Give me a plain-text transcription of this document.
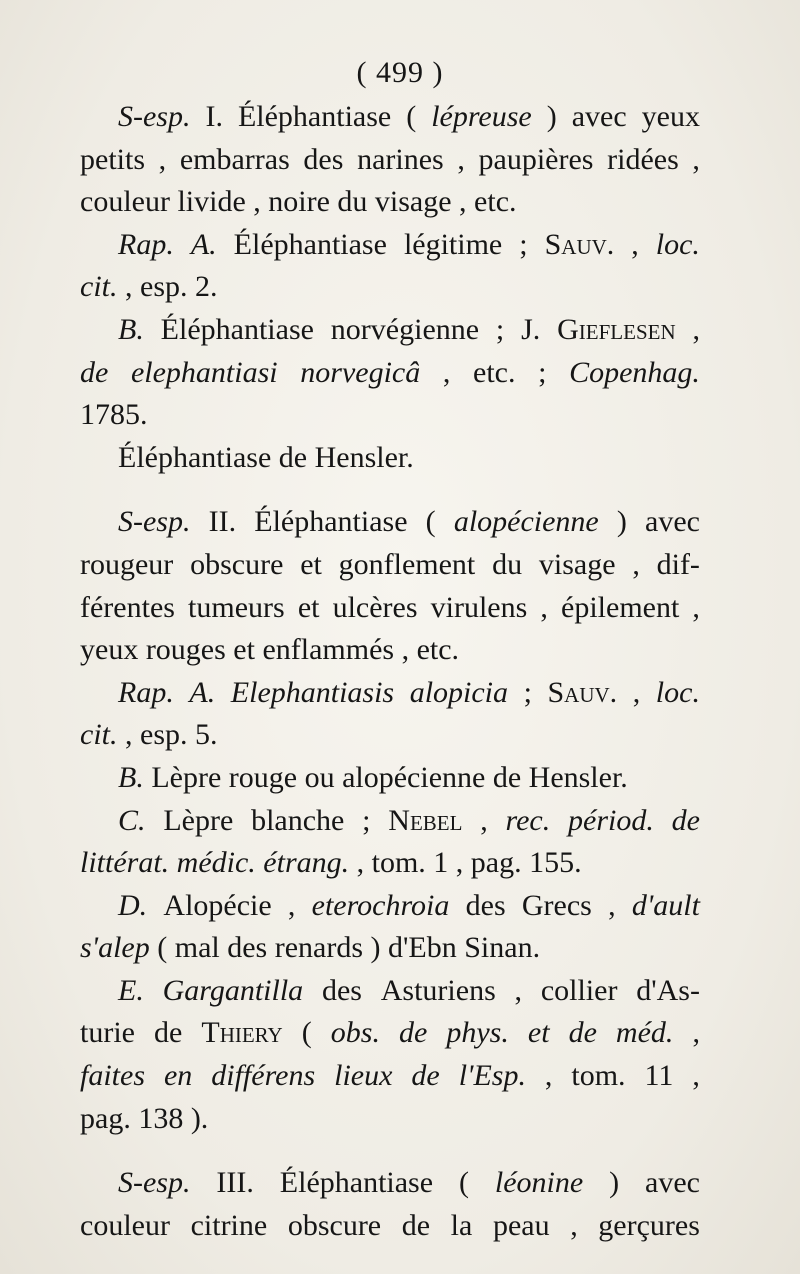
( 499 )
S-esp. I. Éléphantiase ( lépreuse ) avec yeux
petits , embarras des narines , paupières ridées ,
couleur livide , noire du visage , etc.
Rap. A. Éléphantiase légitime ; Sauv. , loc.
cit. , esp. 2.
B. Éléphantiase norvégienne ; J. Gieflesen ,
de elephantiasi norvegicâ , etc. ; Copenhag.
1785.
Éléphantiase de Hensler.
S-esp. II. Éléphantiase ( alopécienne ) avec
rougeur obscure et gonflement du visage , dif-
férentes tumeurs et ulcères virulens , épilement ,
yeux rouges et enflammés , etc.
Rap. A. Elephantiasis alopicia ; Sauv. , loc.
cit. , esp. 5.
B. Lèpre rouge ou alopécienne de Hensler.
C. Lèpre blanche ; Nebel , rec. périod. de
littérat. médic. étrang. , tom. 1 , pag. 155.
D. Alopécie , eterochroia des Grecs , d'ault
s'alep ( mal des renards ) d' Ebn Sinan.
E. Gargantilla des Asturiens , collier d'As-
turie de Thiery ( obs. de phys. et de méd. ,
faites en différens lieux de l'Esp. , tom. 11 ,
pag. 138 ).
S-esp. III. Éléphantiase ( léonine ) avec
couleur citrine obscure de la peau , gerçures
